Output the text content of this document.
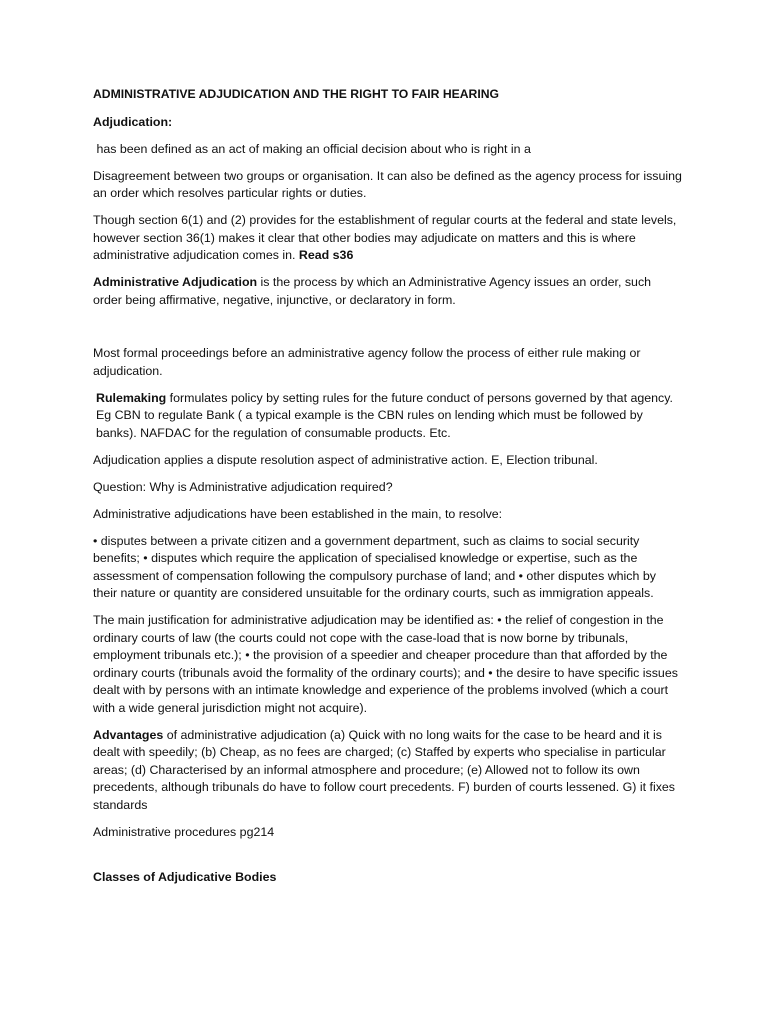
ADMINISTRATIVE ADJUDICATION AND THE RIGHT TO FAIR HEARING

Adjudication:

has been defined as an act of making an official decision about who is right in a

Disagreement between two groups or organisation. It can also be defined as the agency process for issuing an order which resolves particular rights or duties.

Though section 6(1) and (2) provides for the establishment of regular courts at the federal and state levels, however section 36(1) makes it clear that other bodies may adjudicate on matters and this is where administrative adjudication comes in. Read s36

Administrative Adjudication is the process by which an Administrative Agency issues an order, such order being affirmative, negative, injunctive, or declaratory in form.

Most formal proceedings before an administrative agency follow the process of either rule making or adjudication.

Rulemaking formulates policy by setting rules for the future conduct of persons governed by that agency. Eg CBN to regulate Bank ( a typical example is the CBN rules on lending which must be followed by banks). NAFDAC for the regulation of consumable products. Etc.

Adjudication applies a dispute resolution aspect of administrative action. E, Election tribunal.

Question: Why is Administrative adjudication required?

Administrative adjudications have been established in the main, to resolve:

• disputes between a private citizen and a government department, such as claims to social security benefits; • disputes which require the application of specialised knowledge or expertise, such as the assessment of compensation following the compulsory purchase of land; and • other disputes which by their nature or quantity are considered unsuitable for the ordinary courts, such as immigration appeals.

The main justification for administrative adjudication may be identified as: • the relief of congestion in the ordinary courts of law (the courts could not cope with the case-load that is now borne by tribunals, employment tribunals etc.); • the provision of a speedier and cheaper procedure than that afforded by the ordinary courts (tribunals avoid the formality of the ordinary courts); and • the desire to have specific issues dealt with by persons with an intimate knowledge and experience of the problems involved (which a court with a wide general jurisdiction might not acquire).

Advantages of administrative adjudication (a) Quick with no long waits for the case to be heard and it is dealt with speedily; (b) Cheap, as no fees are charged; (c) Staffed by experts who specialise in particular areas; (d) Characterised by an informal atmosphere and procedure; (e) Allowed not to follow its own precedents, although tribunals do have to follow court precedents. F) burden of courts lessened. G) it fixes standards

Administrative procedures pg214

Classes of Adjudicative Bodies
